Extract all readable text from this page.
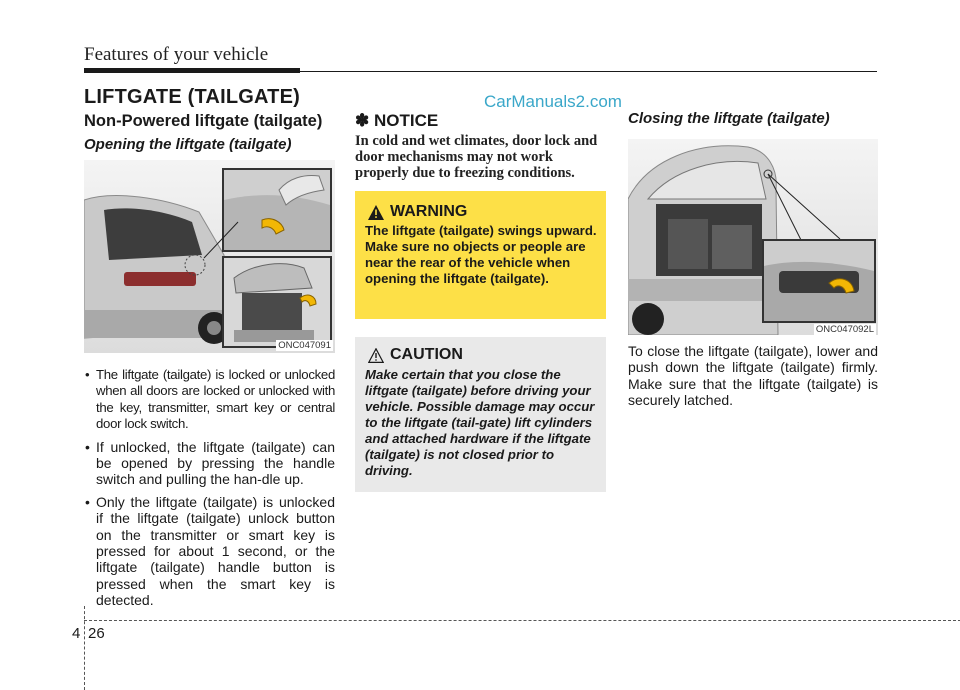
Features of your vehicle
LIFTGATE (TAILGATE)	CarManuals2.com
Non-Powered liftgate (tailgate)
Opening the liftgate (tailgate)
ONC047091
• The liftgate (tailgate) is locked or unlocked when all doors are locked or unlocked with the key, transmitter, smart key or central door lock switch.
• If unlocked, the liftgate (tailgate) can be opened by pressing the handle switch and pulling the han-dle up.
• Only the liftgate (tailgate) is unlocked if the liftgate (tailgate) unlock button on the transmitter or smart key is pressed for about 1 second, or the liftgate (tailgate) handle button is pressed when the smart key is detected.
✽ NOTICE
In cold and wet climates, door lock and door mechanisms may not work properly due to freezing conditions.
WARNING
The liftgate (tailgate) swings upward. Make sure no objects or people are near the rear of the vehicle when opening the liftgate (tailgate).
CAUTION
Make certain that you close the liftgate (tailgate) before driving your vehicle. Possible damage may occur to the liftgate (tail-gate) lift cylinders and attached hardware if the liftgate (tailgate) is not closed prior to driving.
Closing the liftgate (tailgate)
ONC047092L
To close the liftgate (tailgate), lower and push down the liftgate (tailgate) firmly. Make sure that the liftgate (tailgate) is securely latched.
4 26
